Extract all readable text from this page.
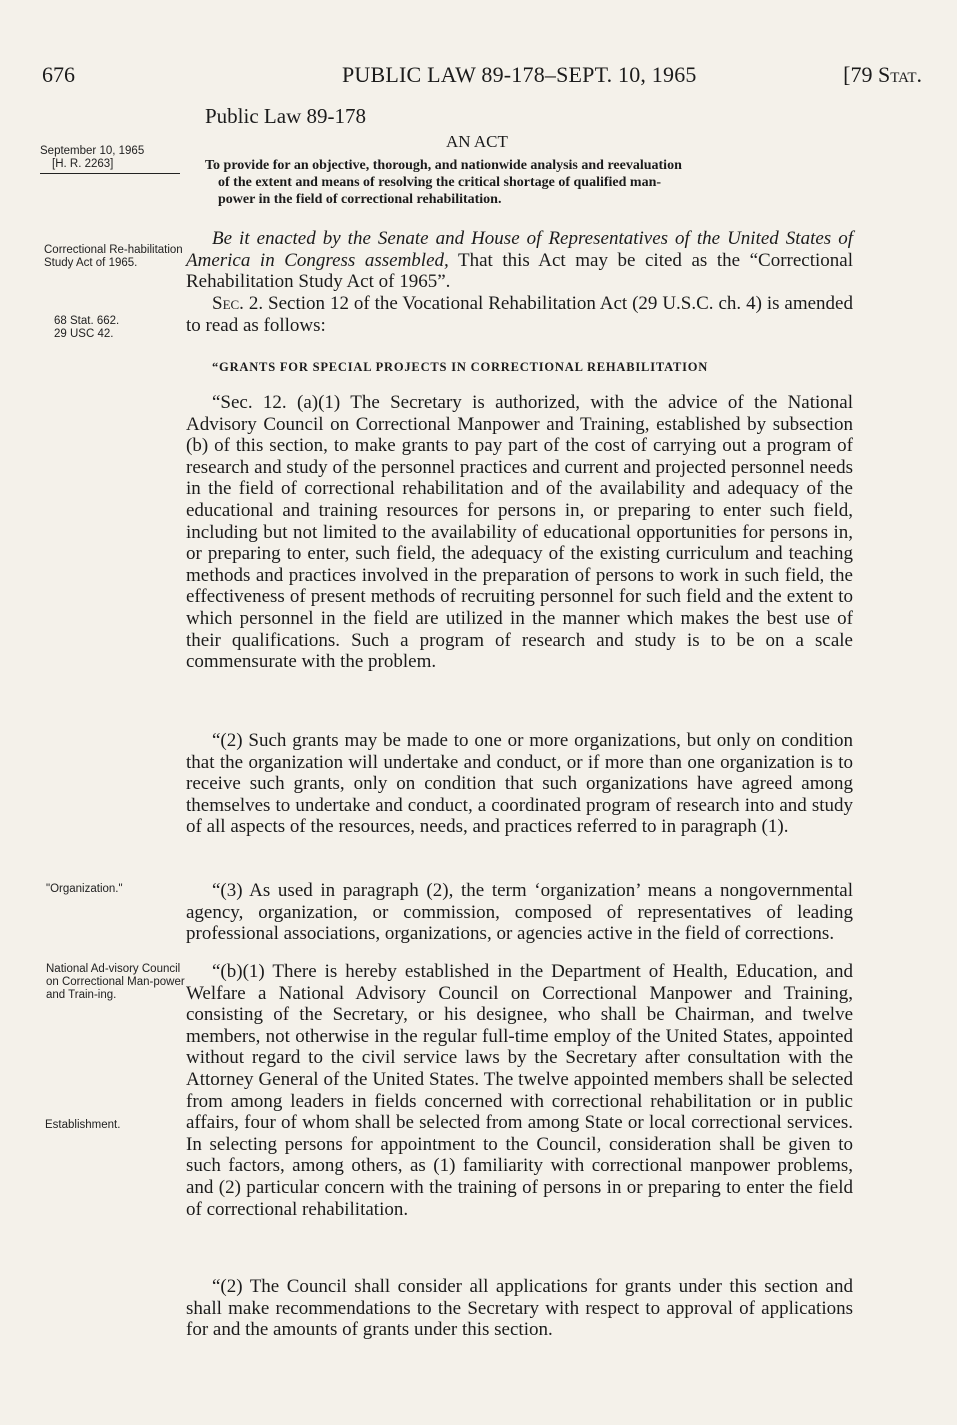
676	PUBLIC LAW 89-178–SEPT. 10, 1965	[79 Stat.
Public Law 89-178
AN ACT
September 10, 1965
[H. R. 2263]	To provide for an objective, thorough, and nationwide analysis and reevaluation
of the extent and means of resolving the critical shortage of qualified man-
power in the field of correctional rehabilitation.
Correctional Re-habilitation Study Act of 1965.
68 Stat. 662.
29 USC 42.

Be it enacted by the Senate and House of Representatives of the United States of America in Congress assembled, That this Act may be cited as the “Correctional Rehabilitation Study Act of 1965”.

Sec. 2. Section 12 of the Vocational Rehabilitation Act (29 U.S.C. ch. 4) is amended to read as follows:

“GRANTS FOR SPECIAL PROJECTS IN CORRECTIONAL REHABILITATION

“Sec. 12. (a)(1) The Secretary is authorized, with the advice of the National Advisory Council on Correctional Manpower and Training, established by subsection (b) of this section, to make grants to pay part of the cost of carrying out a program of research and study of the personnel practices and current and projected personnel needs in the field of correctional rehabilitation and of the availability and adequacy of the educational and training resources for persons in, or preparing to enter such field, including but not limited to the availability of educational opportunities for persons in, or preparing to enter, such field, the adequacy of the existing curriculum and teaching methods and practices involved in the preparation of persons to work in such field, the effectiveness of present methods of recruiting personnel for such field and the extent to which personnel in the field are utilized in the manner which makes the best use of their qualifications. Such a program of research and study is to be on a scale commensurate with the problem.

“(2) Such grants may be made to one or more organizations, but only on condition that the organization will undertake and conduct, or if more than one organization is to receive such grants, only on condition that such organizations have agreed among themselves to undertake and conduct, a coordinated program of research into and study of all aspects of the resources, needs, and practices referred to in paragraph (1).

"Organization."	“(3) As used in paragraph (2), the term ‘organization’ means a nongovernmental agency, organization, or commission, composed of representatives of leading professional associations, organizations, or agencies active in the field of corrections.

National Ad-visory Council on Correctional Man-power and Train-ing.

“(b)(1) There is hereby established in the Department of Health, Education, and Welfare a National Advisory Council on Correctional Manpower and Training, consisting of the Secretary, or his designee, who shall be Chairman, and twelve members, not otherwise in the regular full-time employ of the United States, appointed without regard to the civil service laws by the Secretary after consultation with the Attorney General of the United States. The twelve appointed members shall be selected from among leaders in fields concerned with correctional rehabilitation or in public affairs, four of whom shall be selected from among State or local correctional services. In selecting persons for appointment to the Council, consideration shall be given to such factors, among others, as (1) familiarity with correctional manpower problems, and (2) particular concern with the training of persons in or preparing to enter the field of correctional rehabilitation.

Establishment.

“(2) The Council shall consider all applications for grants under this section and shall make recommendations to the Secretary with respect to approval of applications for and the amounts of grants under this section.
